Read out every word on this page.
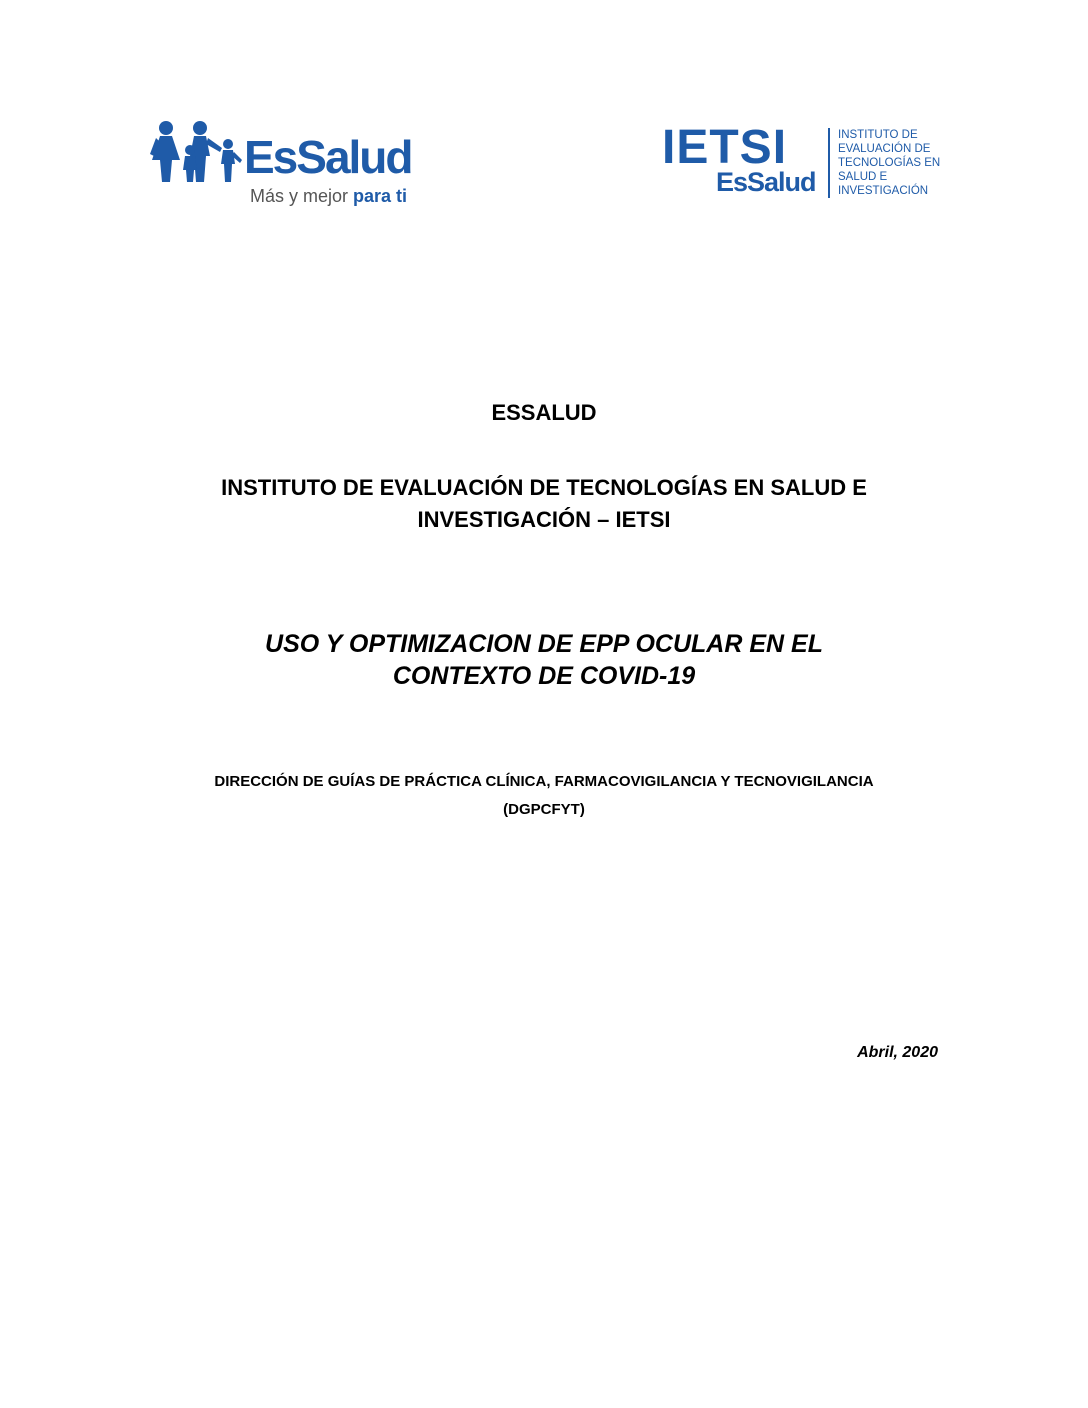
EsSalud
Más y mejor para ti
IETSI
EsSalud
INSTITUTO DE
EVALUACIÓN DE
TECNOLOGÍAS EN
SALUD E
INVESTIGACIÓN
ESSALUD
INSTITUTO DE EVALUACIÓN DE TECNOLOGÍAS EN SALUD E
INVESTIGACIÓN – IETSI
USO Y OPTIMIZACION DE EPP OCULAR EN EL
CONTEXTO DE COVID-19
DIRECCIÓN DE GUÍAS DE PRÁCTICA CLÍNICA, FARMACOVIGILANCIA Y TECNOVIGILANCIA
(DGPCFYT)
Abril, 2020
